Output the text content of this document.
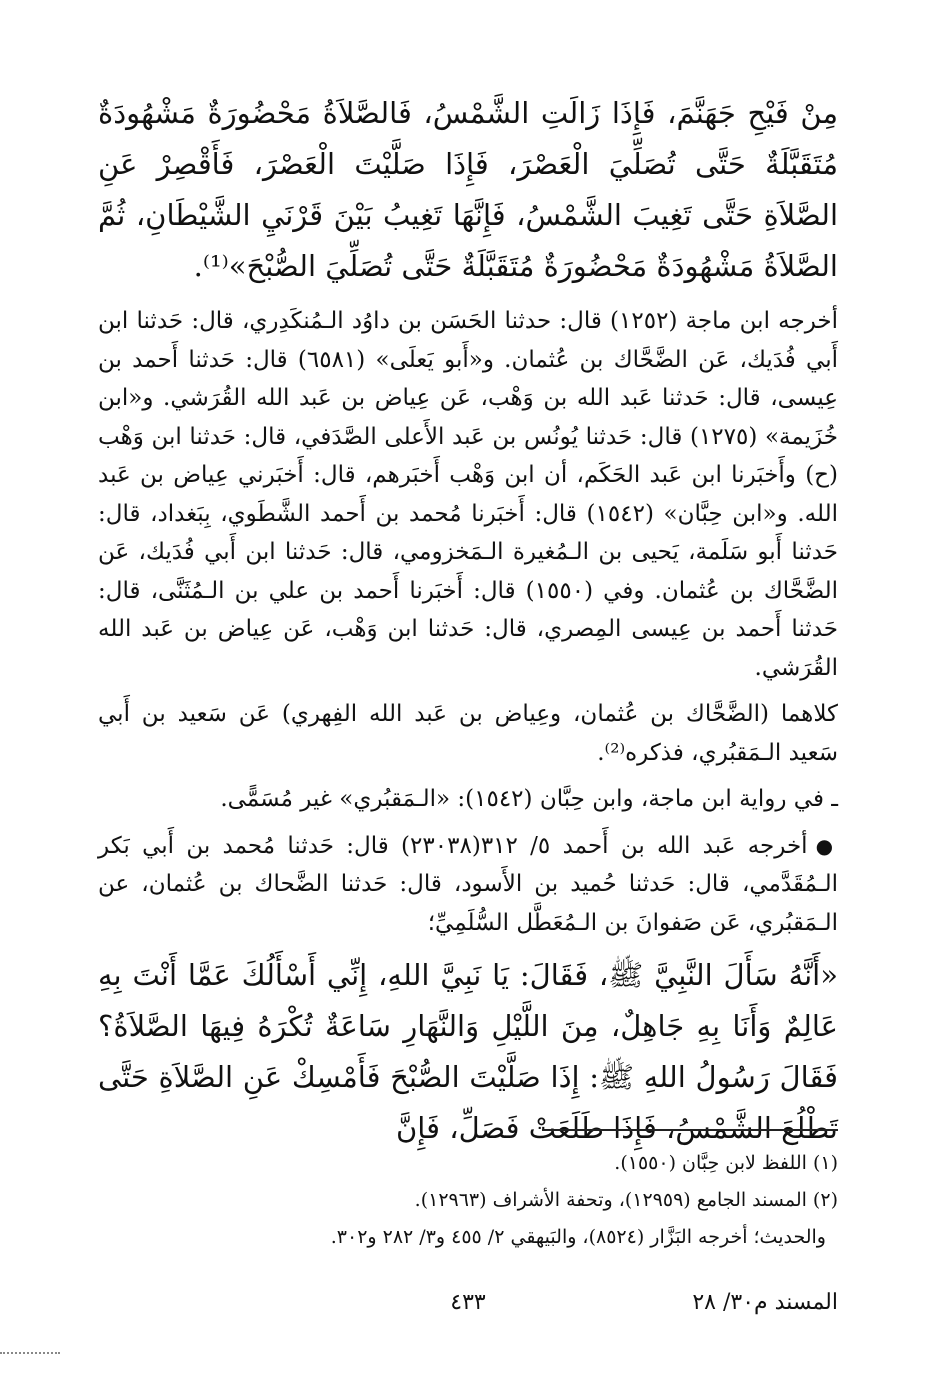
مِنْ فَيْحِ جَهَنَّمَ، فَإِذَا زَالَتِ الشَّمْسُ، فَالصَّلاَةُ مَحْضُورَةٌ مَشْهُودَةٌ مُتَقَبَّلَةٌ حَتَّى تُصَلِّيَ الْعَصْرَ، فَإِذَا صَلَّيْتَ الْعَصْرَ، فَأَقْصِرْ عَنِ الصَّلاَةِ حَتَّى تَغِيبَ الشَّمْسُ، فَإِنَّهَا تَغِيبُ بَيْنَ قَرْنَيِ الشَّيْطَانِ، ثُمَّ الصَّلاَةُ مَشْهُودَةٌ مَحْضُورَةٌ مُتَقَبَّلَةٌ حَتَّى تُصَلِّيَ الصُّبْحَ»⁽¹⁾.

أخرجه ابن ماجة (١٢٥٢) قال: حدثنا الحَسَن بن داوُد الـمُنكَدِري، قال: حَدثنا ابن أَبي فُدَيك، عَن الضَّحَّاك بن عُثمان. و«أَبو يَعلَى» (٦٥٨١) قال: حَدثنا أَحمد بن عِيسى، قال: حَدثنا عَبد الله بن وَهْب، عَن عِياض بن عَبد الله القُرَشي. و«ابن خُزَيمة» (١٢٧٥) قال: حَدثنا يُونُس بن عَبد الأَعلى الصَّدَفي، قال: حَدثنا ابن وَهْب (ح) وأَخبَرنا ابن عَبد الحَكَم، أن ابن وَهْب أَخبَرهم، قال: أَخبَرني عِياض بن عَبد الله. و«ابن حِبَّان» (١٥٤٢) قال: أَخبَرنا مُحمد بن أَحمد الشَّطَوي، بِبَغداد، قال: حَدثنا أَبو سَلَمة، يَحيى بن الـمُغيرة الـمَخزومي، قال: حَدثنا ابن أَبي فُدَيك، عَن الضَّحَّاك بن عُثمان. وفي (١٥٥٠) قال: أَخبَرنا أَحمد بن علي بن الـمُثَنَّى، قال: حَدثنا أَحمد بن عِيسى المِصري، قال: حَدثنا ابن وَهْب، عَن عِياض بن عَبد الله القُرَشي.

كلاهما (الضَّحَّاك بن عُثمان، وعِياض بن عَبد الله الفِهري) عَن سَعيد بن أَبي سَعيد الـمَقبُري، فذكره⁽²⁾.

ـ في رواية ابن ماجة، وابن حِبَّان (١٥٤٢): «الـمَقبُري» غير مُسَمًّى.

●أخرجه عَبد الله بن أَحمد ٥/ ٣١٢(٢٣٠٣٨) قال: حَدثنا مُحمد بن أَبي بَكر الـمُقَدَّمي، قال: حَدثنا حُميد بن الأَسود، قال: حَدثنا الضَّحاك بن عُثمان، عن الـمَقبُري، عَن صَفوانَ بن الـمُعَطَّل السُّلَمِيِّ؛

«أَنَّهُ سَأَلَ النَّبِيَّ ﷺ، فَقَالَ: يَا نَبِيَّ اللهِ، إِنِّي أَسْأَلُكَ عَمَّا أَنْتَ بِهِ عَالِمٌ وَأَنَا بِهِ جَاهِلٌ، مِنَ اللَّيْلِ وَالنَّهَارِ سَاعَةٌ تُكْرَهُ فِيهَا الصَّلاَةُ؟ فَقَالَ رَسُولُ اللهِ ﷺ: إِذَا صَلَّيْتَ الصُّبْحَ فَأَمْسِكْ عَنِ الصَّلاَةِ حَتَّى تَطْلُعَ الشَّمْسُ، فَإِذَا طَلَعَتْ فَصَلِّ، فَإِنَّ

(١) اللفظ لابن حِبَّان (١٥٥٠).

(٢) المسند الجامع (١٢٩٥٩)، وتحفة الأشراف (١٢٩٦٣).

والحديث؛ أخرجه البَزَّار (٨٥٢٤)، والبَيهقي ٢/ ٤٥٥ و٣/ ٢٨٢ و٣٠٢.

المسند م٣٠/ ٢٨
٤٣٣
